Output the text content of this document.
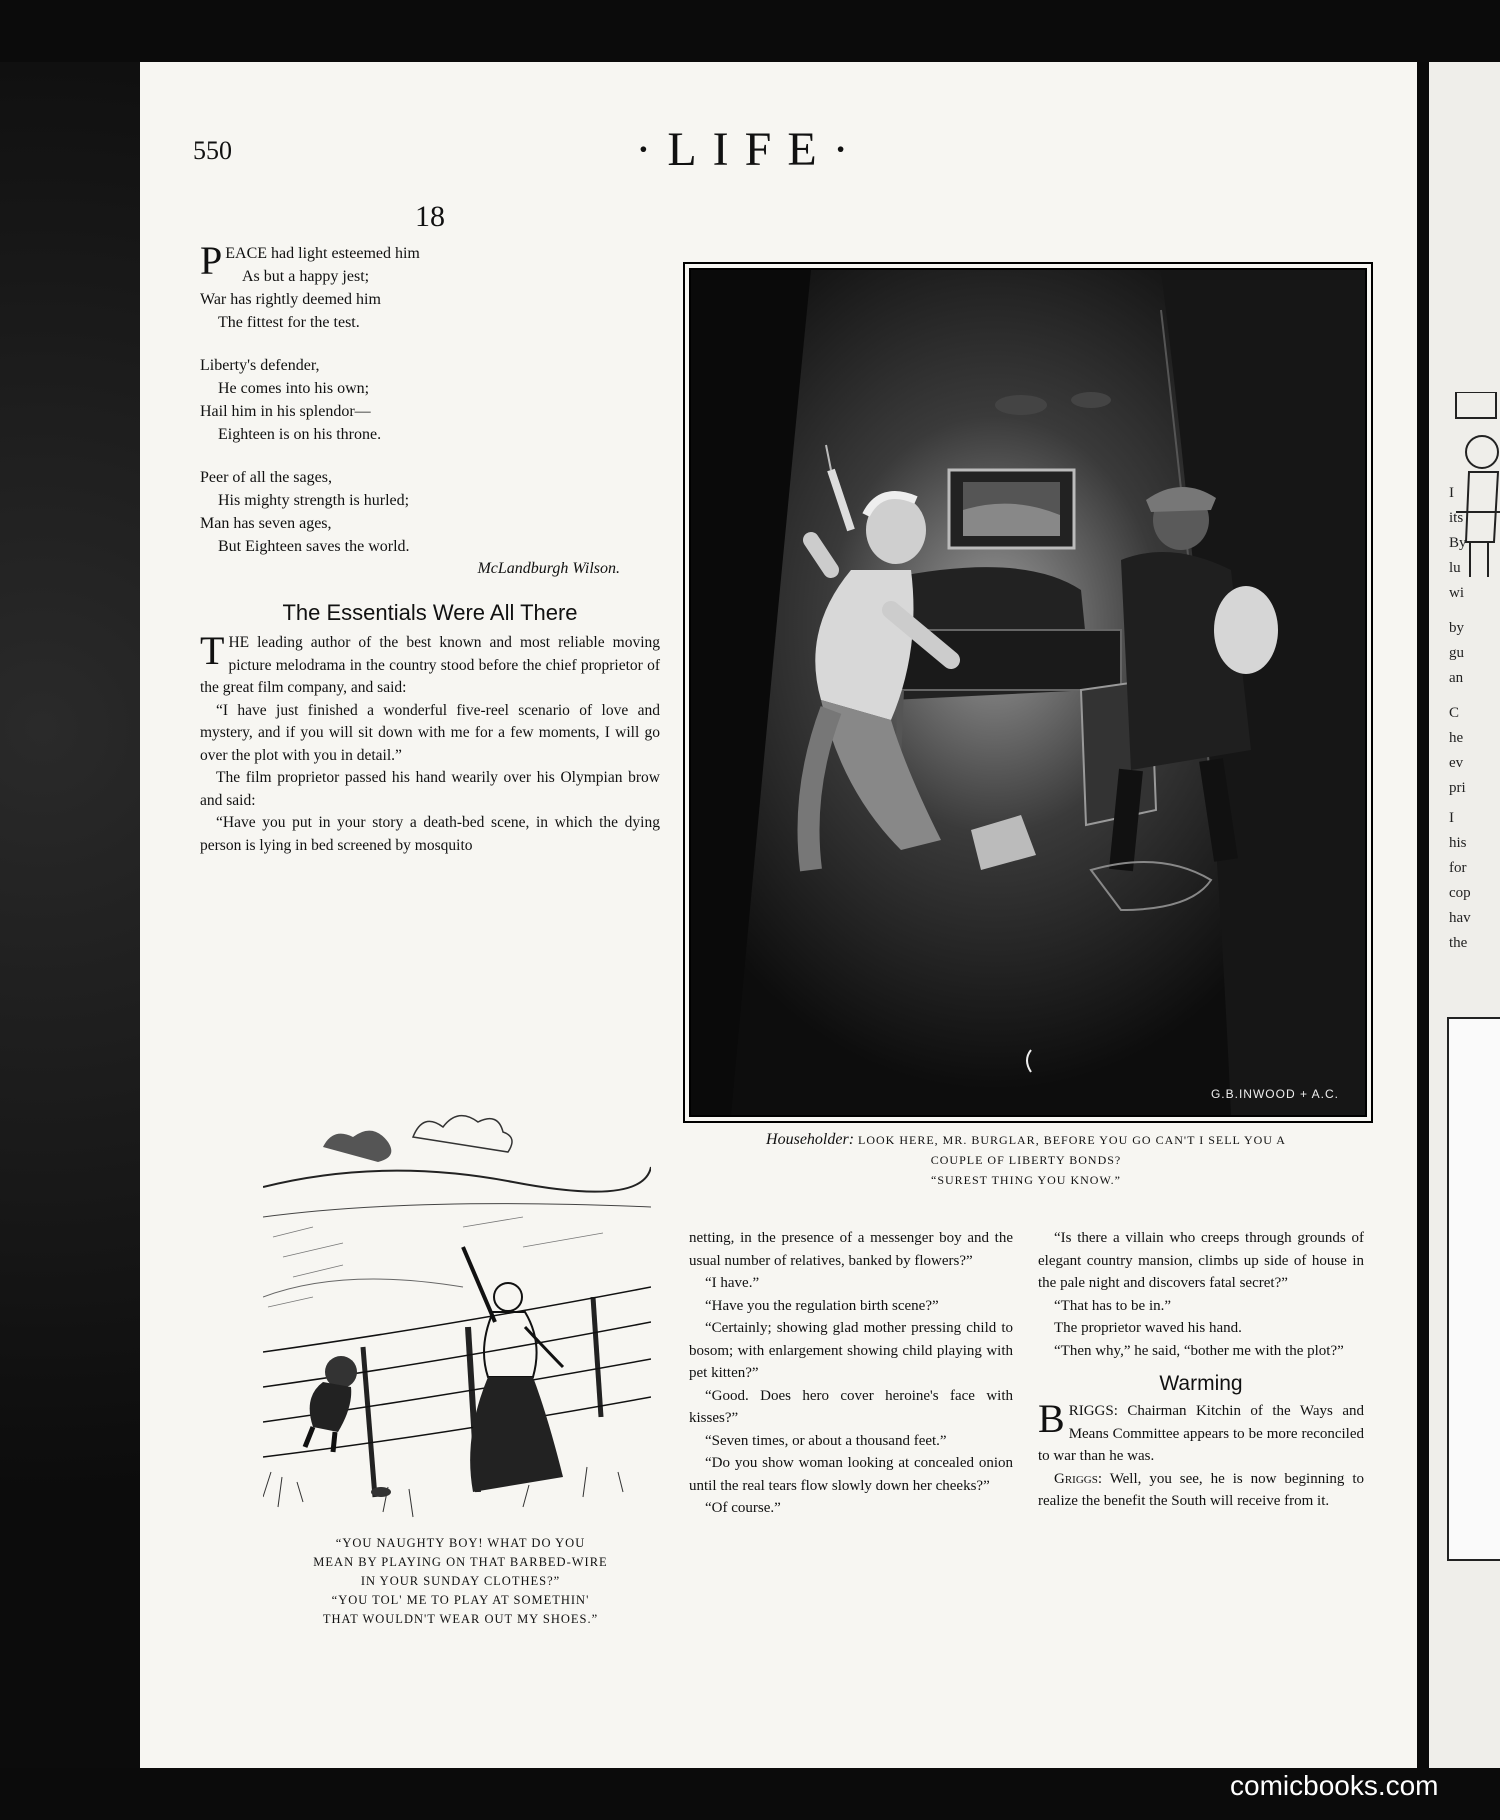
I
its
By
lu
wi
by
gu
an
C
he
ev
pri
I
his
for
cop
hav
the
550	·LIFE·
18
P EACE had light esteemed him
As but a happy jest;
War has rightly deemed him
The fittest for the test.
Liberty's defender,
He comes into his own;
Hail him in his splendor—
Eighteen is on his throne.
Peer of all the sages,
His mighty strength is hurled;
Man has seven ages,
But Eighteen saves the world.
McLandburgh Wilson.
The Essentials Were All There

THE leading author of the best known and most reliable moving picture melodrama in the country stood before the chief proprietor of the great film company, and said:

“I have just finished a wonderful five-reel scenario of love and mystery, and if you will sit down with me for a few moments, I will go over the plot with you in detail.”

The film proprietor passed his hand wearily over his Olympian brow and said:

“Have you put in your story a death-bed scene, in which the dying person is lying in bed screened by mosquito

“YOU NAUGHTY BOY! WHAT DO YOU
MEAN BY PLAYING ON THAT BARBED-WIRE
IN YOUR SUNDAY CLOTHES?”
“YOU TOL' ME TO PLAY AT SOMETHIN'
THAT WOULDN'T WEAR OUT MY SHOES.”
G.B.INWOOD + A.C.
Householder: LOOK HERE, MR. BURGLAR, BEFORE YOU GO CAN'T I SELL YOU A
COUPLE OF LIBERTY BONDS?
“SUREST THING YOU KNOW.”

netting, in the presence of a messenger boy and the usual number of relatives, banked by flowers?”

“I have.”

“Have you the regulation birth scene?”

“Certainly; showing glad mother pressing child to bosom; with enlargement showing child playing with pet kitten?”

“Good. Does hero cover heroine's face with kisses?”

“Seven times, or about a thousand feet.”

“Do you show woman looking at concealed onion until the real tears flow slowly down her cheeks?”

“Of course.”

“Is there a villain who creeps through grounds of elegant country mansion, climbs up side of house in the pale night and discovers fatal secret?”

“That has to be in.”

The proprietor waved his hand.

“Then why,” he said, “bother me with the plot?”

Warming

BRIGGS: Chairman Kitchin of the Ways and Means Committee appears to be more reconciled to war than he was.

Griggs: Well, you see, he is now beginning to realize the benefit the South will receive from it.

comicbooks.com
